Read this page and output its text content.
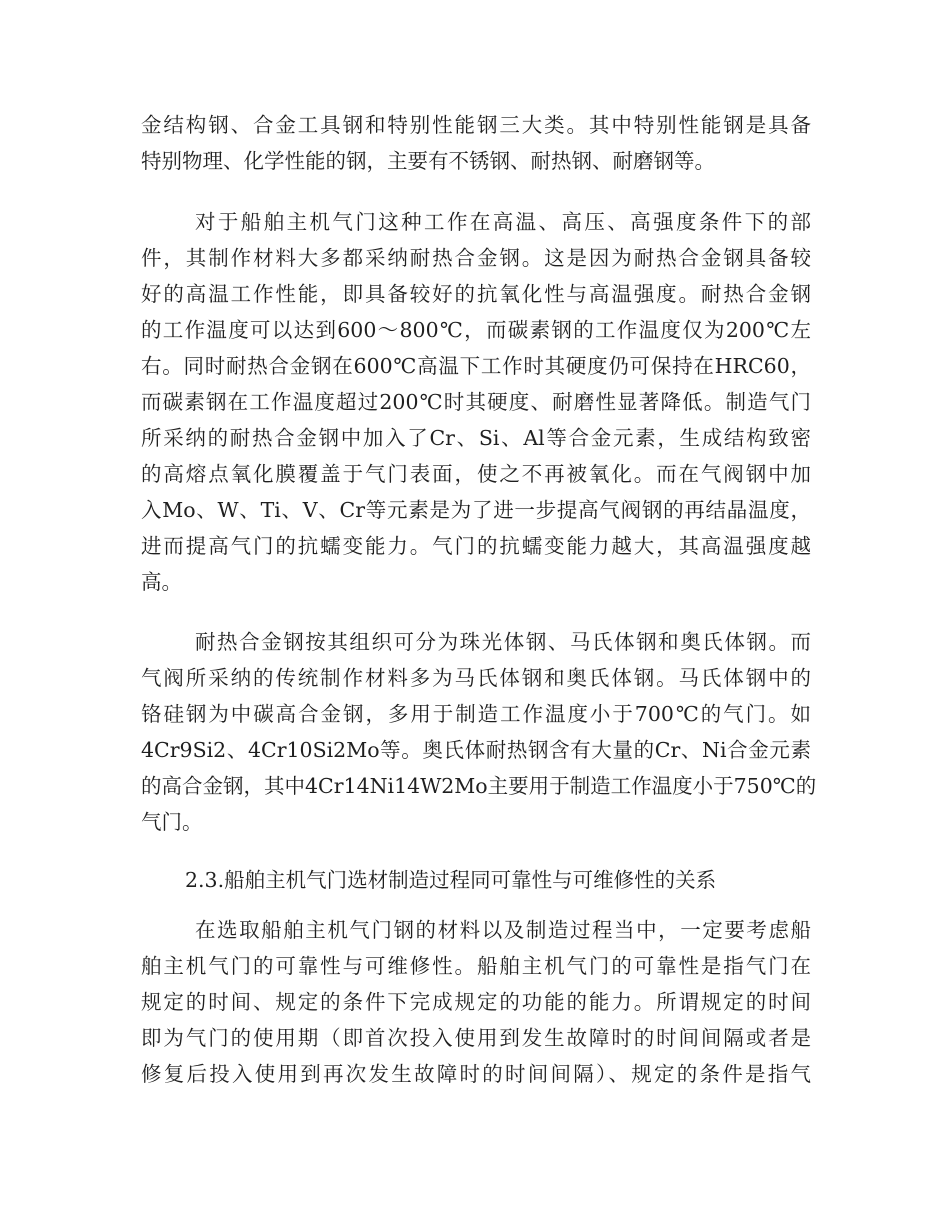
金结构钢、合金工具钢和特别性能钢三大类。其中特别性能钢是具备
特别物理、化学性能的钢，主要有不锈钢、耐热钢、耐磨钢等。
对于船舶主机气门这种工作在高温、高压、高强度条件下的部
件，其制作材料大多都采纳耐热合金钢。这是因为耐热合金钢具备较
好的高温工作性能，即具备较好的抗氧化性与高温强度。耐热合金钢
的工作温度可以达到600～800℃，而碳素钢的工作温度仅为200℃左
右。同时耐热合金钢在600℃高温下工作时其硬度仍可保持在HRC60，
而碳素钢在工作温度超过200℃时其硬度、耐磨性显著降低。制造气门
所采纳的耐热合金钢中加入了Cr、Si、Al等合金元素，生成结构致密
的高熔点氧化膜覆盖于气门表面，使之不再被氧化。而在气阀钢中加
入Mo、W、Ti、V、Cr等元素是为了进一步提高气阀钢的再结晶温度，
进而提高气门的抗蠕变能力。气门的抗蠕变能力越大，其高温强度越
高。
耐热合金钢按其组织可分为珠光体钢、马氏体钢和奥氏体钢。而
气阀所采纳的传统制作材料多为马氏体钢和奥氏体钢。马氏体钢中的
铬硅钢为中碳高合金钢，多用于制造工作温度小于700℃的气门。如
4Cr9Si2、4Cr10Si2Mo等。奥氏体耐热钢含有大量的Cr、Ni合金元素
的高合金钢，其中4Cr14Ni14W2Mo主要用于制造工作温度小于750℃的
气门。
2.3.船舶主机气门选材制造过程同可靠性与可维修性的关系
在选取船舶主机气门钢的材料以及制造过程当中，一定要考虑船
舶主机气门的可靠性与可维修性。船舶主机气门的可靠性是指气门在
规定的时间、规定的条件下完成规定的功能的能力。所谓规定的时间
即为气门的使用期（即首次投入使用到发生故障时的时间间隔或者是
修复后投入使用到再次发生故障时的时间间隔）、规定的条件是指气
